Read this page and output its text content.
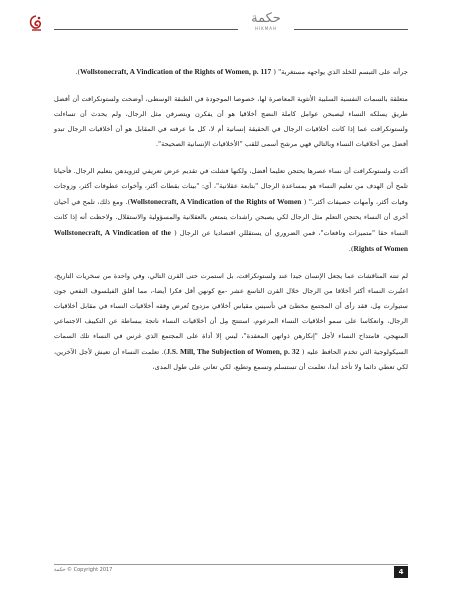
حكمة
HIKMAH

جرأته على التبسم للخلد الذي يواجهه مستغربة" ( Wollstonecraft, A Vindication of the Rights of Women, p. 117).

متعلقة بالسمات النفسية السلبية الأنثوية المعاصرة لها، خصوصا الموجودة في الطبقة الوسطى، أوضحت ولستونكرافت أن أفضل طريق يسلكه النساء ليصبحن عوامل كاملة النضج أخلاقيا هو أن يفكرن ويتصرفن مثل الرجال، ولم يحدث أن تساءلت ولستونكرافت عما إذا كانت أخلاقيات الرجال في الحقيقة إنسانية أم لا، كل ما عرفته في المقابل هو أن أخلاقيات الرجال تبدو أفضل من أخلاقيات النساء وبالتالي فهي مرشح أسمى للقب "الأخلاقيات الإنسانية الصحيحة".

أكدت ولستونكرافت أن نساء عصرها يحتجن تعليما أفضل، ولكنها فشلت في تقديم عرض تعريفي لتزويدهن بتعليم الرجال. فأحيانا تلمح أن الهدف من تعليم النساء هو بمساعدة الرجال "بتابعة عقلانية"، أي: "بينات بقطات أكثر، وأخوات عطوفات أكثر، وزوجات وفيات أكثر، وأمهات حصيفات أكثر." ( Wollstonecraft, A Vindication of the Rights of Women). ومع ذلك، تلمح في أحيان أخرى أن النساء يحتجن التعلم مثل الرجال لكي يصبحن راشدات يتمتعن بالعقلانية والمسؤولية والاستقلال. ولاحظت أنه إذا كانت النساء حقا "متميزات ونافعات"، فمن الضروري أن يستقللن اقتصاديا عن الرجال ( Wollstonecraft, A Vindication of the Rights of Women).

لم تنته المناقشات عما يجعل الإنسان جيدا عند ولستونكرافت، بل استمرت حتى القرن التالي، وفي واحدة من سخريات التاريخ، اعتُبرت النساء أكثر أخلاقا من الرجال خلال القرن التاسع عشر -مع كونهن أقل فكرا أيضا-، مما أقلق الفيلسوف النفعي جون ستيوارت مِل، فقد رأى أن المجتمع مخطئ في تأسيس مقياس أخلاقي مزدوج تُعرض وفقه أخلاقيات النساء في مقابل أخلاقيات الرجال، وانعكاسا على سمو أخلاقيات النساء المزعوم، استنتج مِل أن أخلاقيات النساء ناتجة ببساطة عن التكييف الاجتماعي المنهجي، فامتداح النساء لأجل "إنكارهن ذواتهن المعقدة"، ليس إلا أداة على المجتمع الذي غرس في النساء تلك السمات السيكولوجية التي تخدم الحافظ عليه ( J.S. Mill, The Subjection of Women, p. 32). تعلمت النساء أن تعيش لأجل الآخرين، لكي تعطي دائما ولا تأخذ أبدا، تعلمت أن تستسلم وتسمع وتطيع، لكي تعاني على طول المدى،

حكمة © Copyright 2017	4
